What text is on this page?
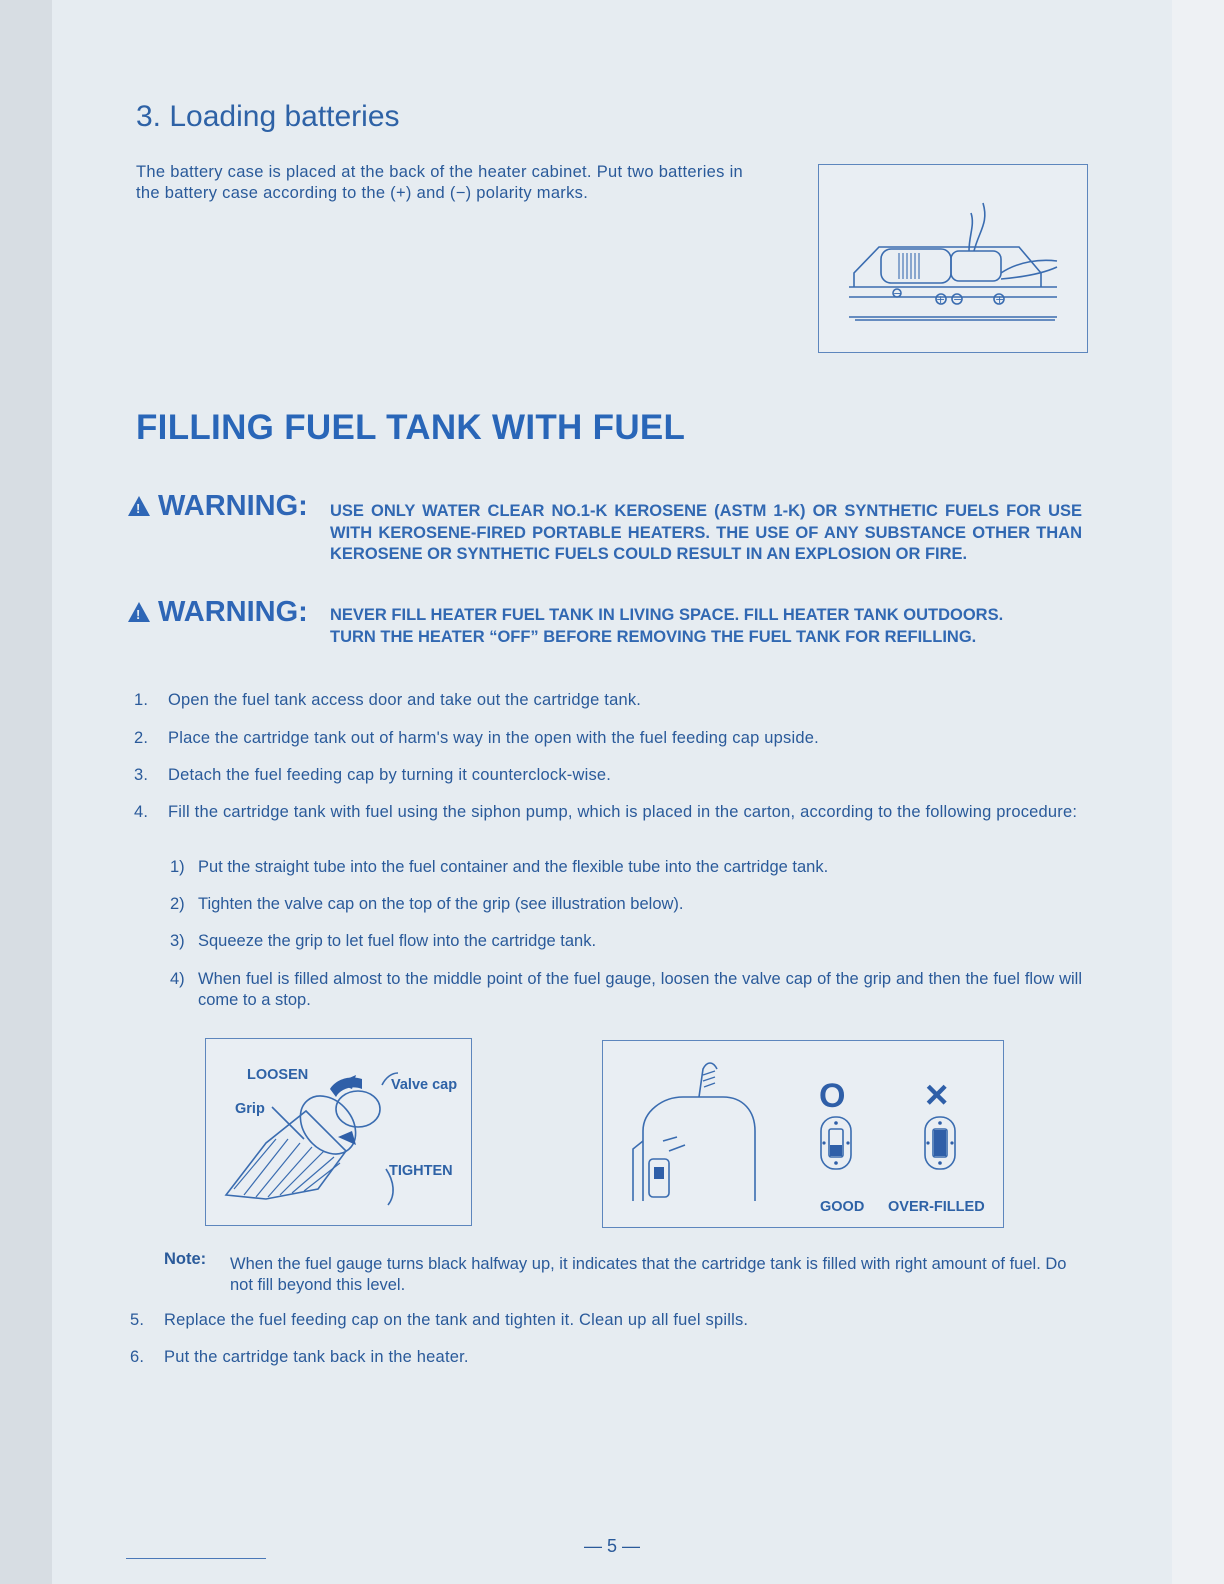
3. Loading batteries
The battery case is placed at the back of the heater cabinet. Put two batteries in the battery case according to the (+) and (−) polarity marks.
−	+ −	+
FILLING FUEL TANK WITH FUEL
!WARNING: USE ONLY WATER CLEAR NO.1-K KEROSENE (ASTM 1-K) OR SYNTHETIC FUELS FOR USE WITH KEROSENE-FIRED PORTABLE HEATERS. THE USE OF ANY SUBSTANCE OTHER THAN KEROSENE OR SYNTHETIC FUELS COULD RESULT IN AN EXPLOSION OR FIRE.

!WARNING: NEVER FILL HEATER FUEL TANK IN LIVING SPACE. FILL HEATER TANK OUTDOORS.

TURN THE HEATER “OFF” BEFORE REMOVING THE FUEL TANK FOR REFILLING.

1. Open the fuel tank access door and take out the cartridge tank.
2. Place the cartridge tank out of harm's way in the open with the fuel feeding cap upside.
3. Detach the fuel feeding cap by turning it counterclock-wise.
4. Fill the cartridge tank with fuel using the siphon pump, which is placed in the carton, according to the following procedure:
1) Put the straight tube into the fuel container and the flexible tube into the cartridge tank.
2) Tighten the valve cap on the top of the grip (see illustration below).
3) Squeeze the grip to let fuel flow into the cartridge tank.
4) When fuel is filled almost to the middle point of the fuel gauge, loosen the valve cap of the grip and then the fuel flow will come to a stop.
LOOSEN
Valve cap
Grip
TIGHTEN
O ×
GOOD OVER-FILLED
Note: When the fuel gauge turns black halfway up, it indicates that the cartridge tank is filled with right amount of fuel. Do not fill beyond this level.
5. Replace the fuel feeding cap on the tank and tighten it. Clean up all fuel spills.
6. Put the cartridge tank back in the heater.
— 5 —
